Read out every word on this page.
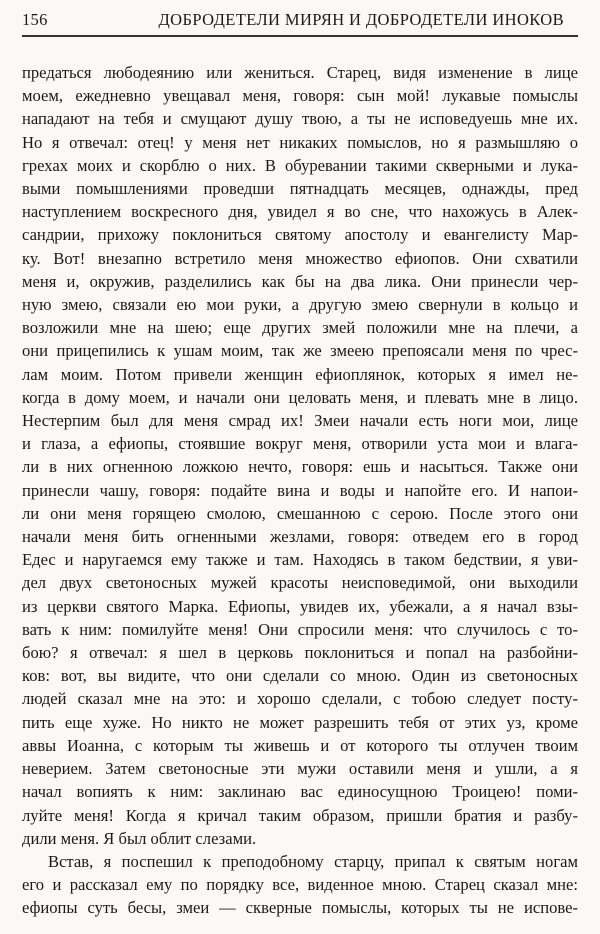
156	ДОБРОДЕТЕЛИ МИРЯН И ДОБРОДЕТЕЛИ ИНОКОВ

предаться любодеянию или жениться. Старец, видя изменение в лице
моем, ежедневно увещавал меня, говоря: сын мой! лукавые помыслы
нападают на тебя и смущают душу твою, а ты не исповедуешь мне их.
Но я отвечал: отец! у меня нет никаких помыслов, но я размышляю о
грехах моих и скорблю о них. В обуревании такими скверными и лука-
выми помышлениями проведши пятнадцать месяцев, однажды, пред
наступлением воскресного дня, увидел я во сне, что нахожусь в Алек-
сандрии, прихожу поклониться святому апостолу и евангелисту Мар-
ку. Вот! внезапно встретило меня множество ефиопов. Они схватили
меня и, окружив, разделились как бы на два лика. Они принесли чер-
ную змею, связали ею мои руки, а другую змею свернули в кольцо и
возложили мне на шею; еще других змей положили мне на плечи, а
они прицепились к ушам моим, так же змеею препоясали меня по чрес-
лам моим. Потом привели женщин ефиоплянок, которых я имел не-
когда в дому моем, и начали они целовать меня, и плевать мне в лицо.
Нестерпим был для меня смрад их! Змеи начали есть ноги мои, лице
и глаза, а ефиопы, стоявшие вокруг меня, отворили уста мои и влага-
ли в них огненною ложкою нечто, говоря: ешь и насыться. Также они
принесли чашу, говоря: подайте вина и воды и напойте его. И напои-
ли они меня горящею смолою, смешанною с серою. После этого они
начали меня бить огненными жезлами, говоря: отведем его в город
Едес и наругаемся ему также и там. Находясь в таком бедствии, я уви-
дел двух светоносных мужей красоты неисповедимой, они выходили
из церкви святого Марка. Ефиопы, увидев их, убежали, а я начал взы-
вать к ним: помилуйте меня! Они спросили меня: что случилось с то-
бою? я отвечал: я шел в церковь поклониться и попал на разбойни-
ков: вот, вы видите, что они сделали со мною. Один из светоносных
людей сказал мне на это: и хорошо сделали, с тобою следует посту-
пить еще хуже. Но никто не может разрешить тебя от этих уз, кроме
аввы Иоанна, с которым ты живешь и от которого ты отлучен твоим
неверием. Затем светоносные эти мужи оставили меня и ушли, а я
начал вопиять к ним: заклинаю вас единосущною Троицею! поми-
луйте меня! Когда я кричал таким образом, пришли братия и разбу-
дили меня. Я был облит слезами.

Встав, я поспешил к преподобному старцу, припал к святым ногам
его и рассказал ему по порядку все, виденное мною. Старец сказал мне:
ефиопы суть бесы, змеи — скверные помыслы, которых ты не испове-
